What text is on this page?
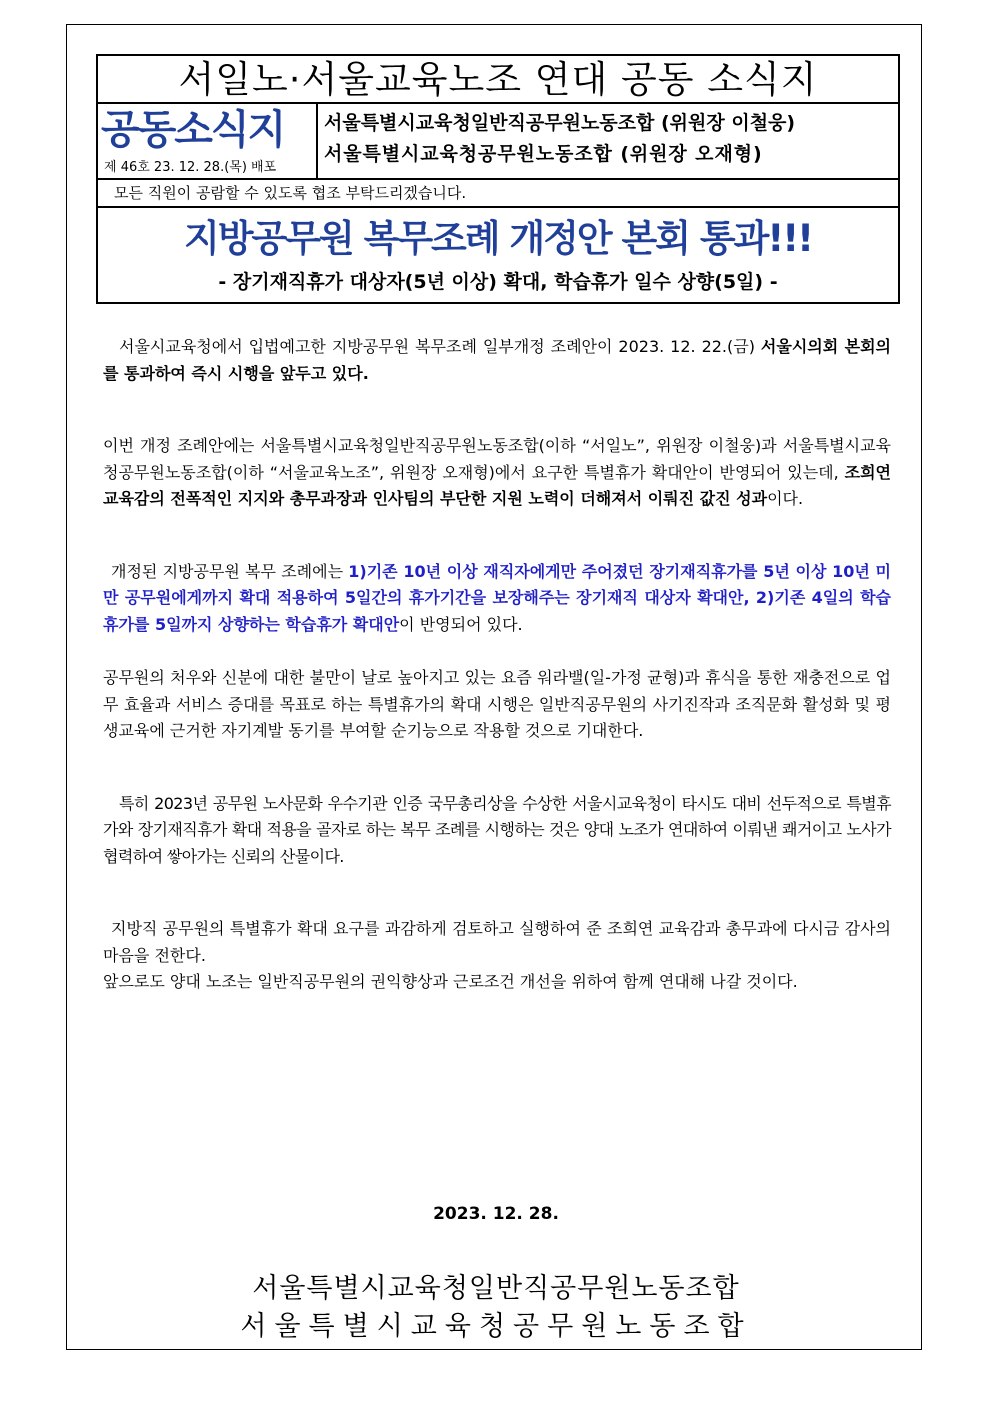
서일노·서울교육노조 연대 공동 소식지
공동소식지
제 46호 23. 12. 28.(목) 배포
서울특별시교육청일반직공무원노동조합 (위원장 이철웅)
서울특별시교육청공무원노동조합 (위원장 오재형)
모든 직원이 공람할 수 있도록 협조 부탁드리겠습니다.
지방공무원 복무조례 개정안 본회 통과!!!
- 장기재직휴가 대상자(5년 이상) 확대, 학습휴가 일수 상향(5일) -

서울시교육청에서 입법예고한 지방공무원 복무조례 일부개정 조례안이 2023. 12. 22.(금) 서울시의회 본회의를 통과하여 즉시 시행을 앞두고 있다.

이번 개정 조례안에는 서울특별시교육청일반직공무원노동조합(이하 “서일노”, 위원장 이철웅)과 서울특별시교육청공무원노동조합(이하 “서울교육노조”, 위원장 오재형)에서 요구한 특별휴가 확대안이 반영되어 있는데, 조희연교육감의 전폭적인 지지와 총무과장과 인사팀의 부단한 지원 노력이 더해져서 이뤄진 값진 성과이다.

개정된 지방공무원 복무 조례에는 1)기존 10년 이상 재직자에게만 주어졌던 장기재직휴가를 5년 이상 10년 미만 공무원에게까지 확대 적용하여 5일간의 휴가기간을 보장해주는 장기재직 대상자 확대안, 2)기존 4일의 학습휴가를 5일까지 상향하는 학습휴가 확대안이 반영되어 있다.

공무원의 처우와 신분에 대한 불만이 날로 높아지고 있는 요즘 워라밸(일-가정 균형)과 휴식을 통한 재충전으로 업무 효율과 서비스 증대를 목표로 하는 특별휴가의 확대 시행은 일반직공무원의 사기진작과 조직문화 활성화 및 평생교육에 근거한 자기계발 동기를 부여할 순기능으로 작용할 것으로 기대한다.

특히 2023년 공무원 노사문화 우수기관 인증 국무총리상을 수상한 서울시교육청이 타시도 대비 선두적으로 특별휴가와 장기재직휴가 확대 적용을 골자로 하는 복무 조례를 시행하는 것은 양대 노조가 연대하여 이뤄낸 쾌거이고 노사가 협력하여 쌓아가는 신뢰의 산물이다.

지방직 공무원의 특별휴가 확대 요구를 과감하게 검토하고 실행하여 준 조희연 교육감과 총무과에 다시금 감사의 마음을 전한다.

앞으로도 양대 노조는 일반직공무원의 권익향상과 근로조건 개선을 위하여 함께 연대해 나갈 것이다.

2023. 12. 28.
서울특별시교육청일반직공무원노동조합
서울특별시교육청공무원노동조합
